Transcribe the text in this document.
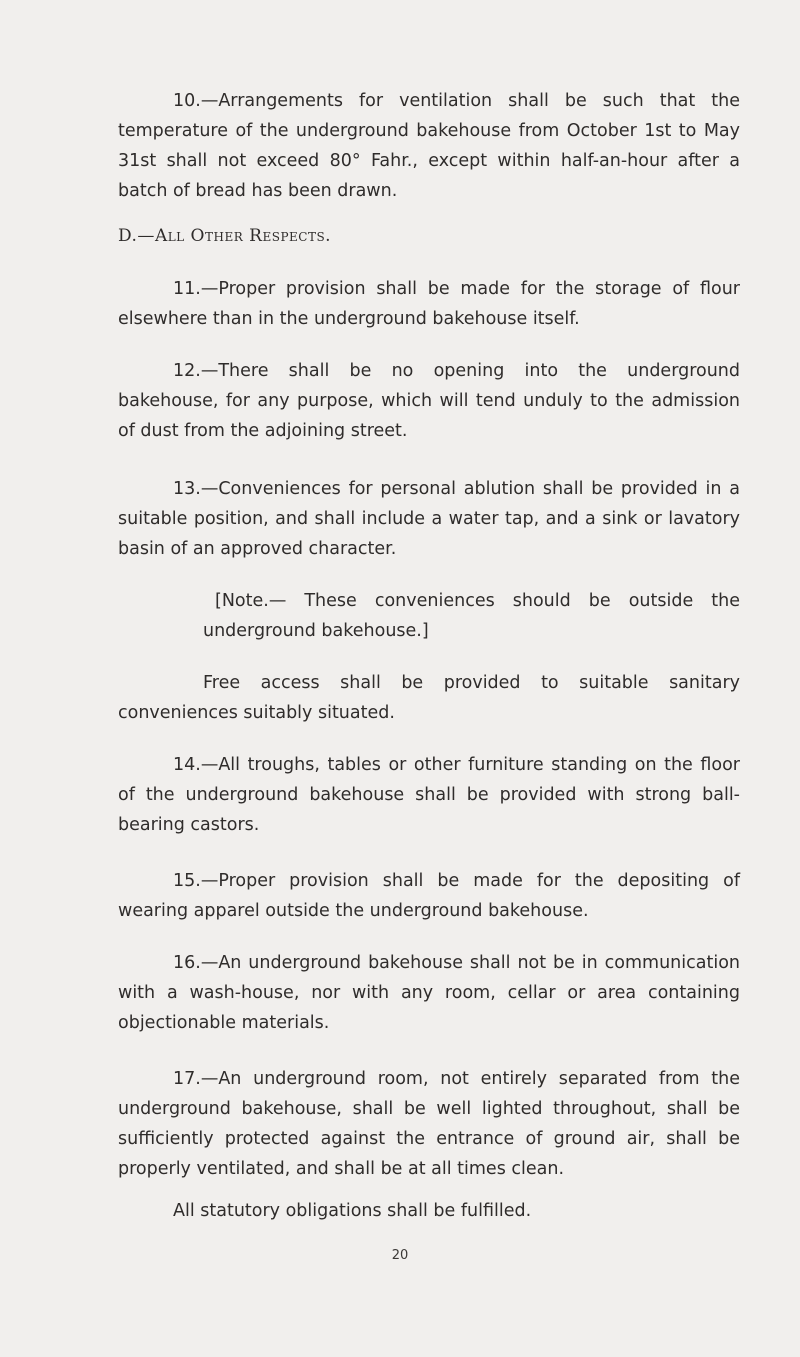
10.—Arrangements for ventilation shall be such that the temperature of the underground bakehouse from October 1st to May 31st shall not exceed 80° Fahr., except within half-an-hour after a batch of bread has been drawn.

D.—All Other Respects.

11.—Proper provision shall be made for the storage of flour elsewhere than in the underground bakehouse itself.

12.—There shall be no opening into the underground bakehouse, for any purpose, which will tend unduly to the admission of dust from the adjoining street.

13.—Conveniences for personal ablution shall be provided in a suitable position, and shall include a water tap, and a sink or lavatory basin of an approved character.

[Note.— These conveniences should be outside the underground bakehouse.]

Free access shall be provided to suitable sanitary conveniences suitably situated.

14.—All troughs, tables or other furniture standing on the floor of the underground bakehouse shall be provided with strong ball-bearing castors.

15.—Proper provision shall be made for the depositing of wearing apparel outside the underground bakehouse.

16.—An underground bakehouse shall not be in communication with a wash-house, nor with any room, cellar or area containing objectionable materials.

17.—An underground room, not entirely separated from the underground bakehouse, shall be well lighted throughout, shall be sufficiently protected against the entrance of ground air, shall be properly ventilated, and shall be at all times clean.

All statutory obligations shall be fulfilled.

20
